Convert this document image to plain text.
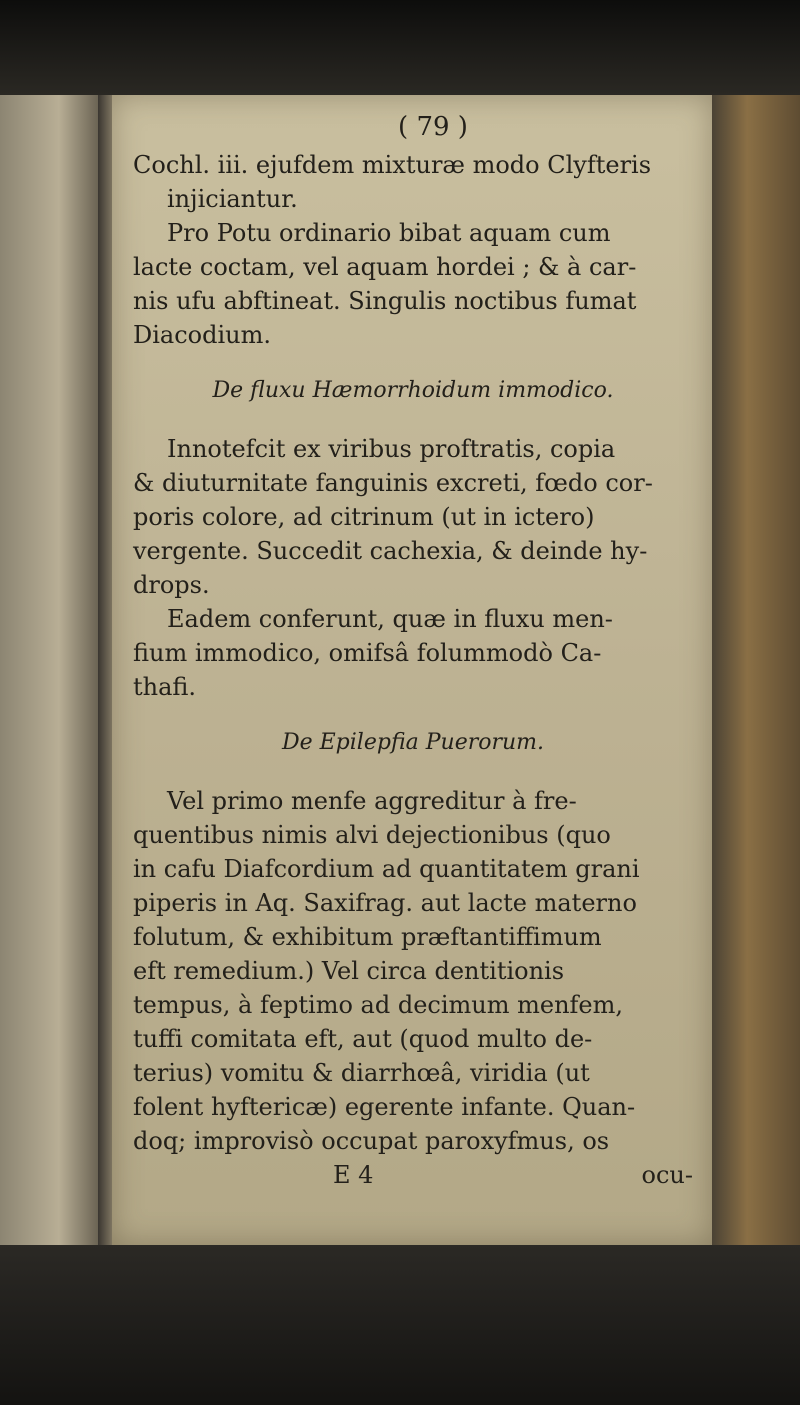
( 79 )

Cochl. iii. ejufdem mixturæ modo Clyfteris

injiciantur.

Pro Potu ordinario bibat aquam cum

lacte coctam, vel aquam hordei ; & à car-

nis ufu abftineat. Singulis noctibus fumat

Diacodium.

De fluxu Hæmorrhoidum immodico.

Innotefcit ex viribus proftratis, copia

& diuturnitate fanguinis excreti, fœdo cor-

poris colore, ad citrinum (ut in ictero)

vergente. Succedit cachexia, & deinde hy-

drops.

Eadem conferunt, quæ in fluxu men-

fium immodico, omifsâ folummodò Ca-

thafi.

De Epilepfia Puerorum.

Vel primo menfe aggreditur à fre-

quentibus nimis alvi dejectionibus (quo

in cafu Diafcordium ad quantitatem grani

piperis in Aq. Saxifrag. aut lacte materno

folutum, & exhibitum præftantiffimum

eft remedium.) Vel circa dentitionis

tempus, à feptimo ad decimum menfem,

tuffi comitata eft, aut (quod multo de-

terius) vomitu & diarrhœâ, viridia (ut

folent hyftericæ) egerente infante. Quan-

doq; improvisò occupat paroxyfmus, os

E 4	ocu-
